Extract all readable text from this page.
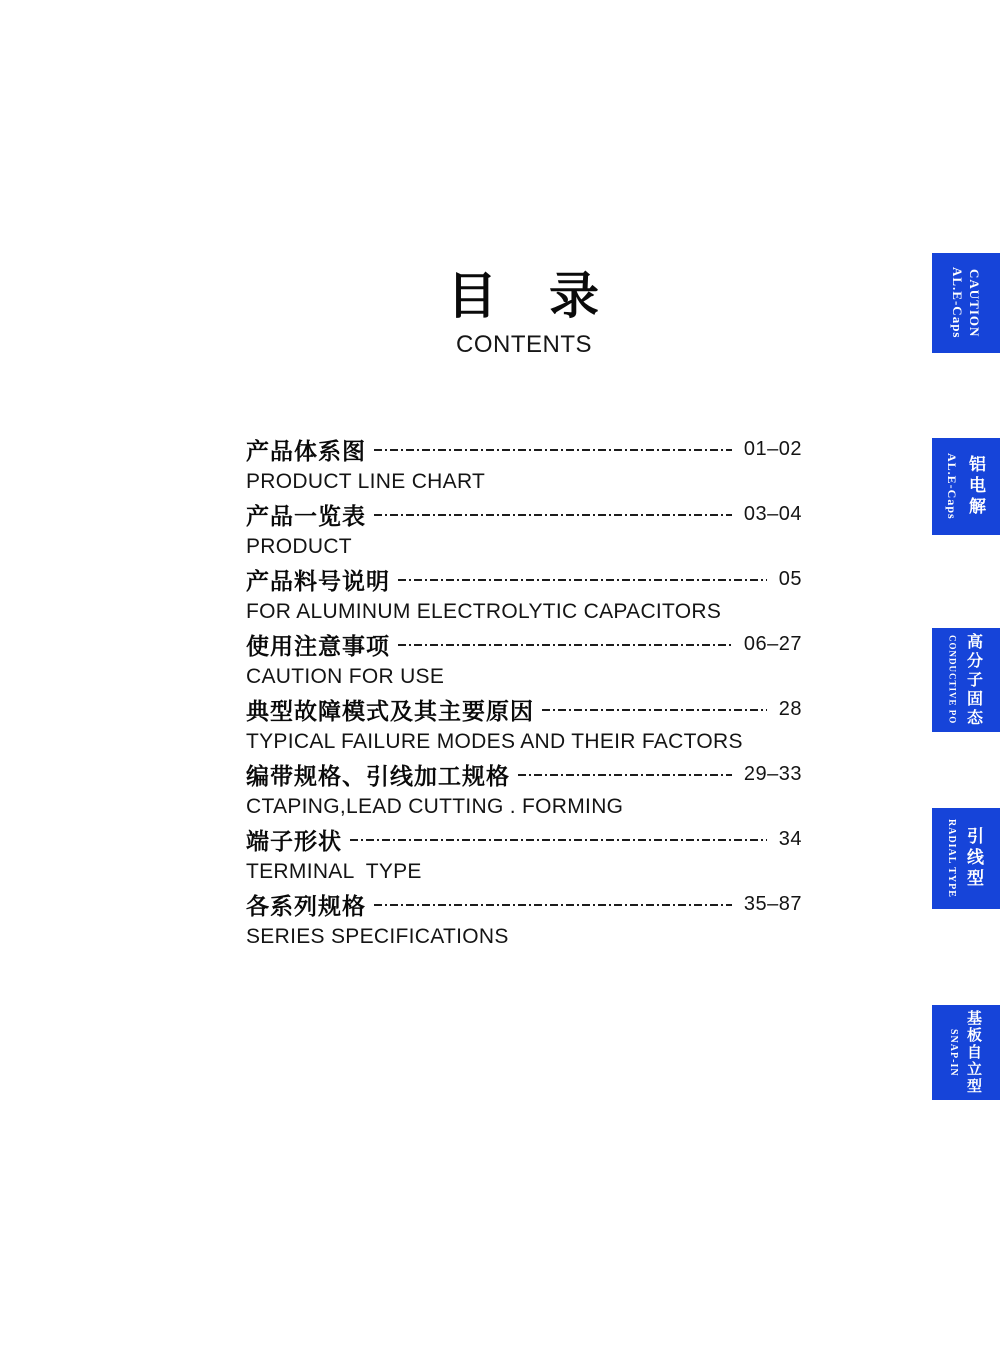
目 录
CONTENTS
产品体系图	01–02
PRODUCT LINE CHART
产品一览表	03–04
PRODUCT
产品料号说明	05
FOR ALUMINUM ELECTROLYTIC CAPACITORS
使用注意事项	06–27
CAUTION FOR USE
典型故障模式及其主要原因	28
TYPICAL FAILURE MODES AND THEIR FACTORS
编带规格、引线加工规格	29–33
CTAPING,LEAD CUTTING . FORMING
端子形状	34
TERMINAL  TYPE
各系列规格	35–87
SERIES SPECIFICATIONS
CAUTION
AL.E-Caps
铝电解
AL.E-Caps
高分子固态
CONDUCTIVE PO
引线型
RADIAL TYPE
基板自立型
SNAP-IN
